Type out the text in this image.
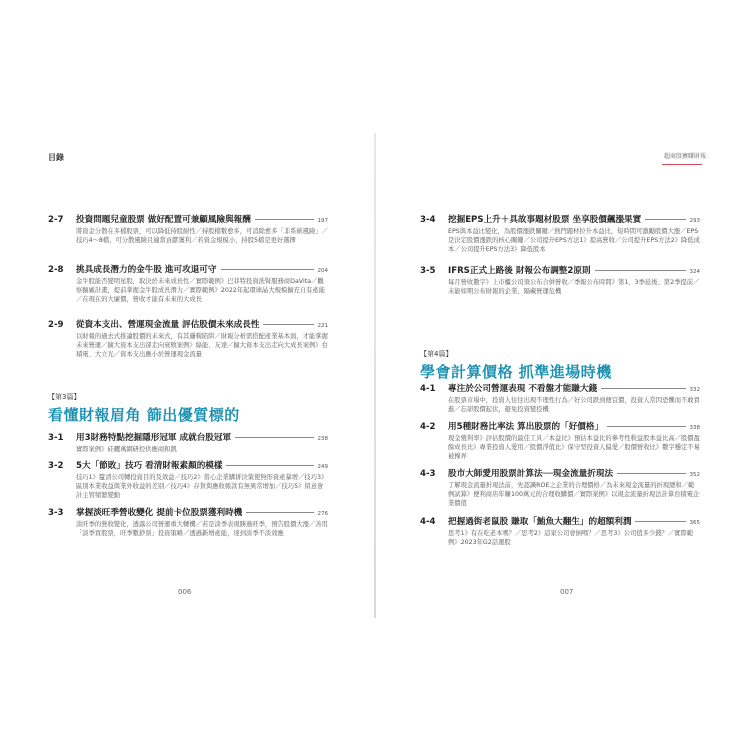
目錄	超商股賽賺財報
2-7	投資問題兒童股票 做好配置可兼顧風險與報酬	197
將資金分散在多檔股票，可以降低持股耐性／持股檔數愈多，可消除愈多「非系統風險」／技巧4～8檔，可分散風險且適當貢獻獲利／若資金規模小，持股5檔是更好選擇
2-8	挑具成長潛力的金牛股 進可攻退可守	204
金牛股能否變明星股，取決於未來成長性／實際範例》巴菲特投資洗腎服務商DaVita／觀察擴廠計畫，提前掌握金牛股成長潛力／實際範例》2022年起環球晶大規模擴充自有產能／在現在的大廉價，營收才能有未來的大成長
2-9	從資本支出、營運現金流量 評估股價未來成長性	221
以財報的過去式推論股價的未來式，有其邏輯陷阱／財報分析需搭配產業基本面，才能掌握未來營運／擴大資本支出卻走向衰敗案例》綠能、友達／擴大資本支出走向大成長案例》台積電、大立光／資本支出應小於營運現金流量
【第3篇】
看懂財報眉角 篩出優質標的
3-1	用3財務特點挖掘隱形冠軍 成就台股冠軍	238
實際案例》硅曬萬網研控供應商和凱
3-2	5大「節敗」技巧 看清財報素顏的模樣	249
技巧1》釐清公司轉投資目的及效益／技巧2》當心企業購併決策使無形資產暴增／技巧3》區別本業收益與業外收益的差別／技巧4》存貨與應收帳款有無異常增加／技巧5》留意會計主管頻繁變動
3-3	掌握淡旺季營收變化 提前卡位股票獲利時機	276
淡旺季的營收變化，透露公司營運重大轉機／若是淡季表現勝過旺季，預告股價大漲／善用「淡季買股票，旺季數鈔票」投資策略／透過新增產能，達到淡季不淡效應
3-4	挖掘EPS上升＋具故事題材股票 坐享股價飆漲果實	293
EPS與本益比變化，為股價漲跌關鍵／熱門題材拉升本益比，短時間可激勵股價大漲／EPS是決定股價漲跌的核心關鍵／公司提升EPS方法1》提高營收／公司提升EPS方法2》降低成本／公司提升EPS方法3》降低股本
3-5	IFRS正式上路後 財報公布調整2原則	324
每月營收數字》上市櫃公司須公布合併營收／季報公布時間》第1、3季延後、第2季提前／未能如期公布財報的企業，隔藏營運危機
【第4篇】
學會計算價格 抓準進場時機
4-1	專注於公司營運表現 不看盤才能賺大錢	332
在股票市場中，投資人往往出現不理性行為／好公司跌到便宜價，投資人常因恐懼而不敢買進／忘卻股價起伏，避免投資變投機
4-2	用5種財務比率法 算出股票的「好價格」	338
現金殖利率》評估股價的最佳工具／本益比》預估本益比的參考性較益股本益比高／股價盈餘成長比》專業投資人愛用／股價淨值比》保守型投資人偏愛／股價營收比》數字穩定不易被操弄
4-3	股市大師愛用股票計算法──現金流量折現法	352
了解現金流量折現法前，先認識ROE之企業的合理價格／為未來現金流量的折現總和／範例試算》便利商店年賺100萬元的合理收購價／實際案例》以現金流量折現法計算台積電企業價值
4-4	把握過街老鼠股 賺取「鮪魚大翻生」的超額利潤	365
思考1》有在吃老本嗎？／思考2》這家公司會倒嗎？／思考3》公司值多少錢？／實際範例》2023年G2話運股
006	007
